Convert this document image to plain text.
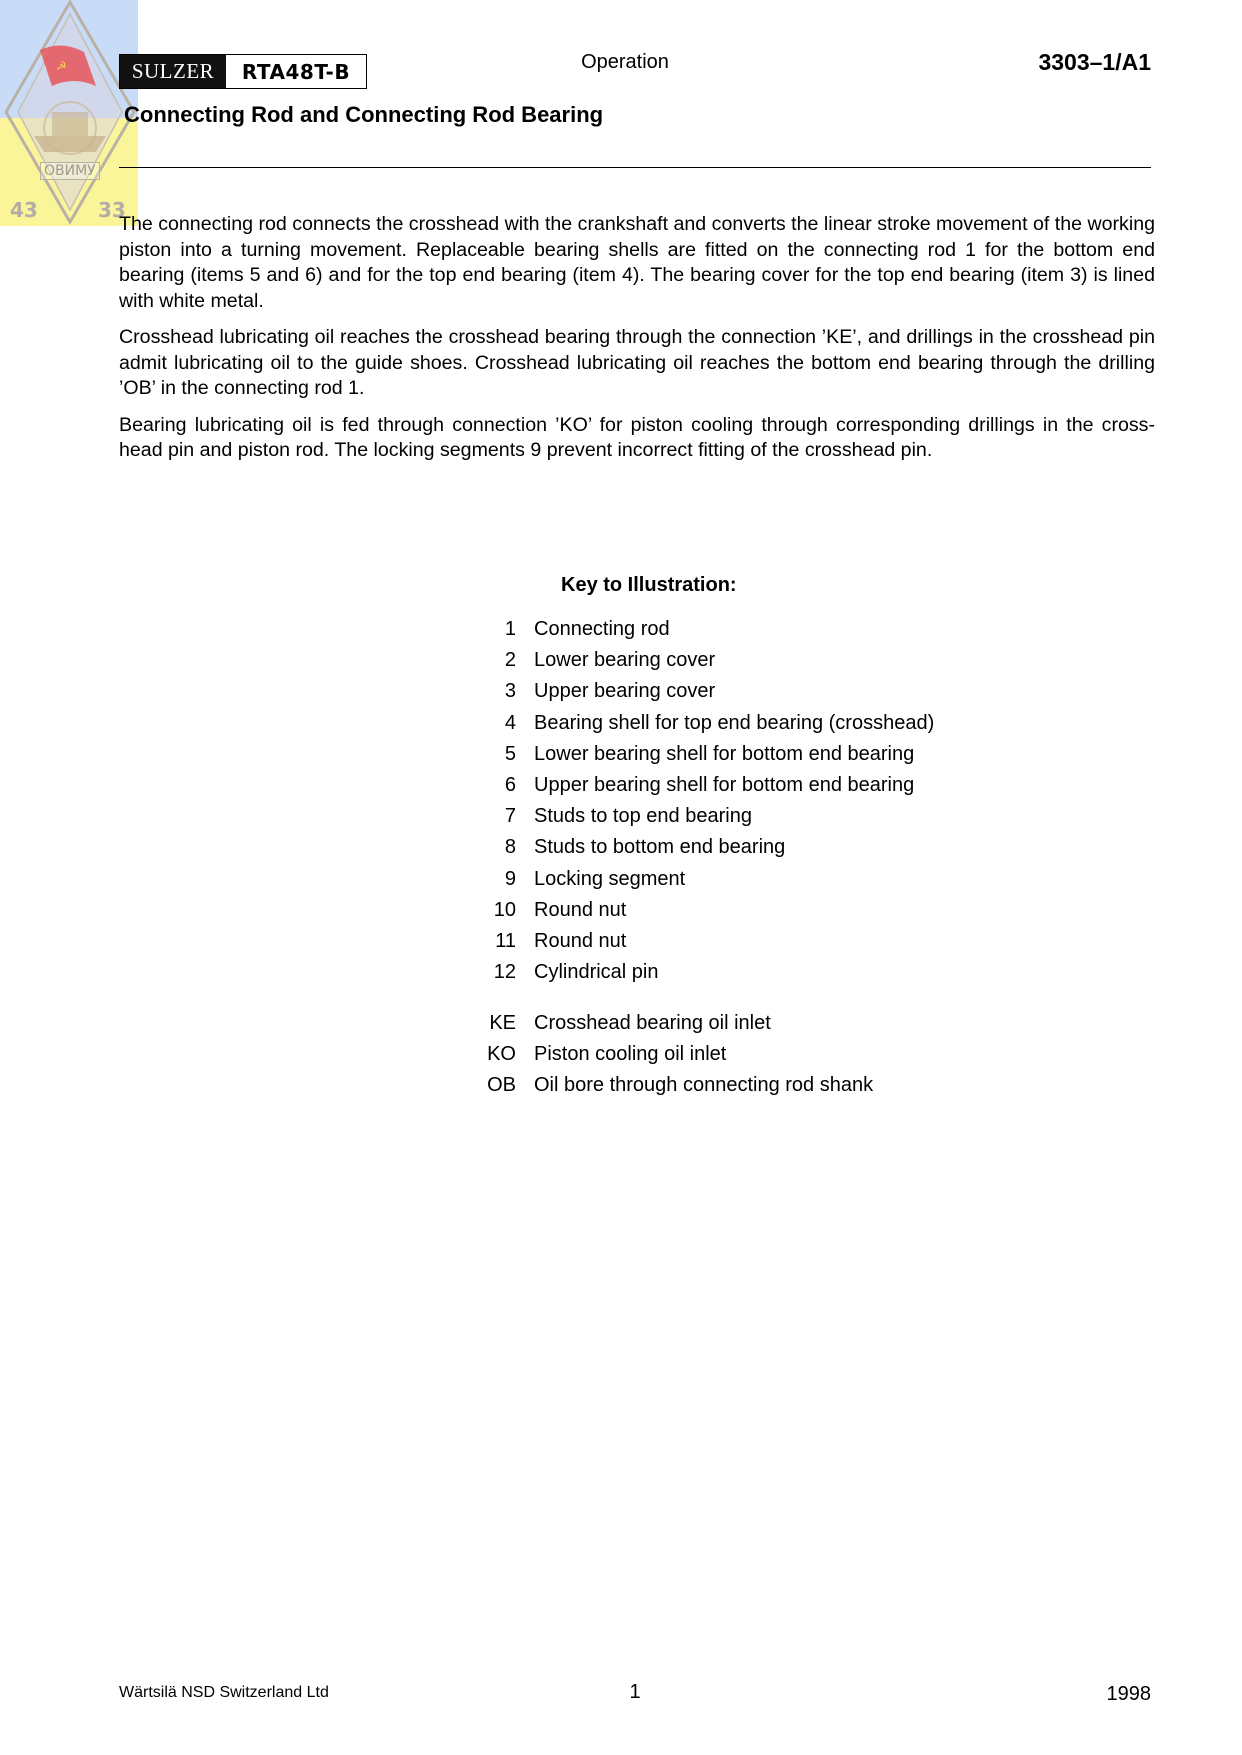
☭
ОВИМУ
43	33
SULZER	RTA48T-B	Operation	3303–1/A1
Connecting Rod and Connecting Rod Bearing

The connecting rod connects the crosshead with the crankshaft and converts the linear stroke movement of the working piston into a turning movement. Replaceable bearing shells are fitted on the connecting rod 1 for the bottom end bearing (items 5 and 6) and for the top end bearing (item 4). The bearing cover for the top end bearing (item 3) is lined with white metal.

Crosshead lubricating oil reaches the crosshead bearing through the connection ’KE’, and drillings in the crosshead pin admit lubricating oil to the guide shoes. Crosshead lubricating oil reaches the bottom end bearing through the drilling ’OB’ in the connecting rod 1.

Bearing lubricating oil is fed through connection ’KO’ for piston cooling through corresponding drillings in the cross- head pin and piston rod. The locking segments 9 prevent incorrect fitting of the crosshead pin.

Key to Illustration:
1 Connecting rod
2 Lower bearing cover
3 Upper bearing cover
4 Bearing shell for top end bearing (crosshead)
5 Lower bearing shell for bottom end bearing
6 Upper bearing shell for bottom end bearing
7 Studs to top end bearing
8 Studs to bottom end bearing
9 Locking segment
10 Round nut
11 Round nut
12 Cylindrical pin
KE Crosshead bearing oil inlet
KO Piston cooling oil inlet
OB Oil bore through connecting rod shank
Wärtsilä NSD Switzerland Ltd	1	1998
